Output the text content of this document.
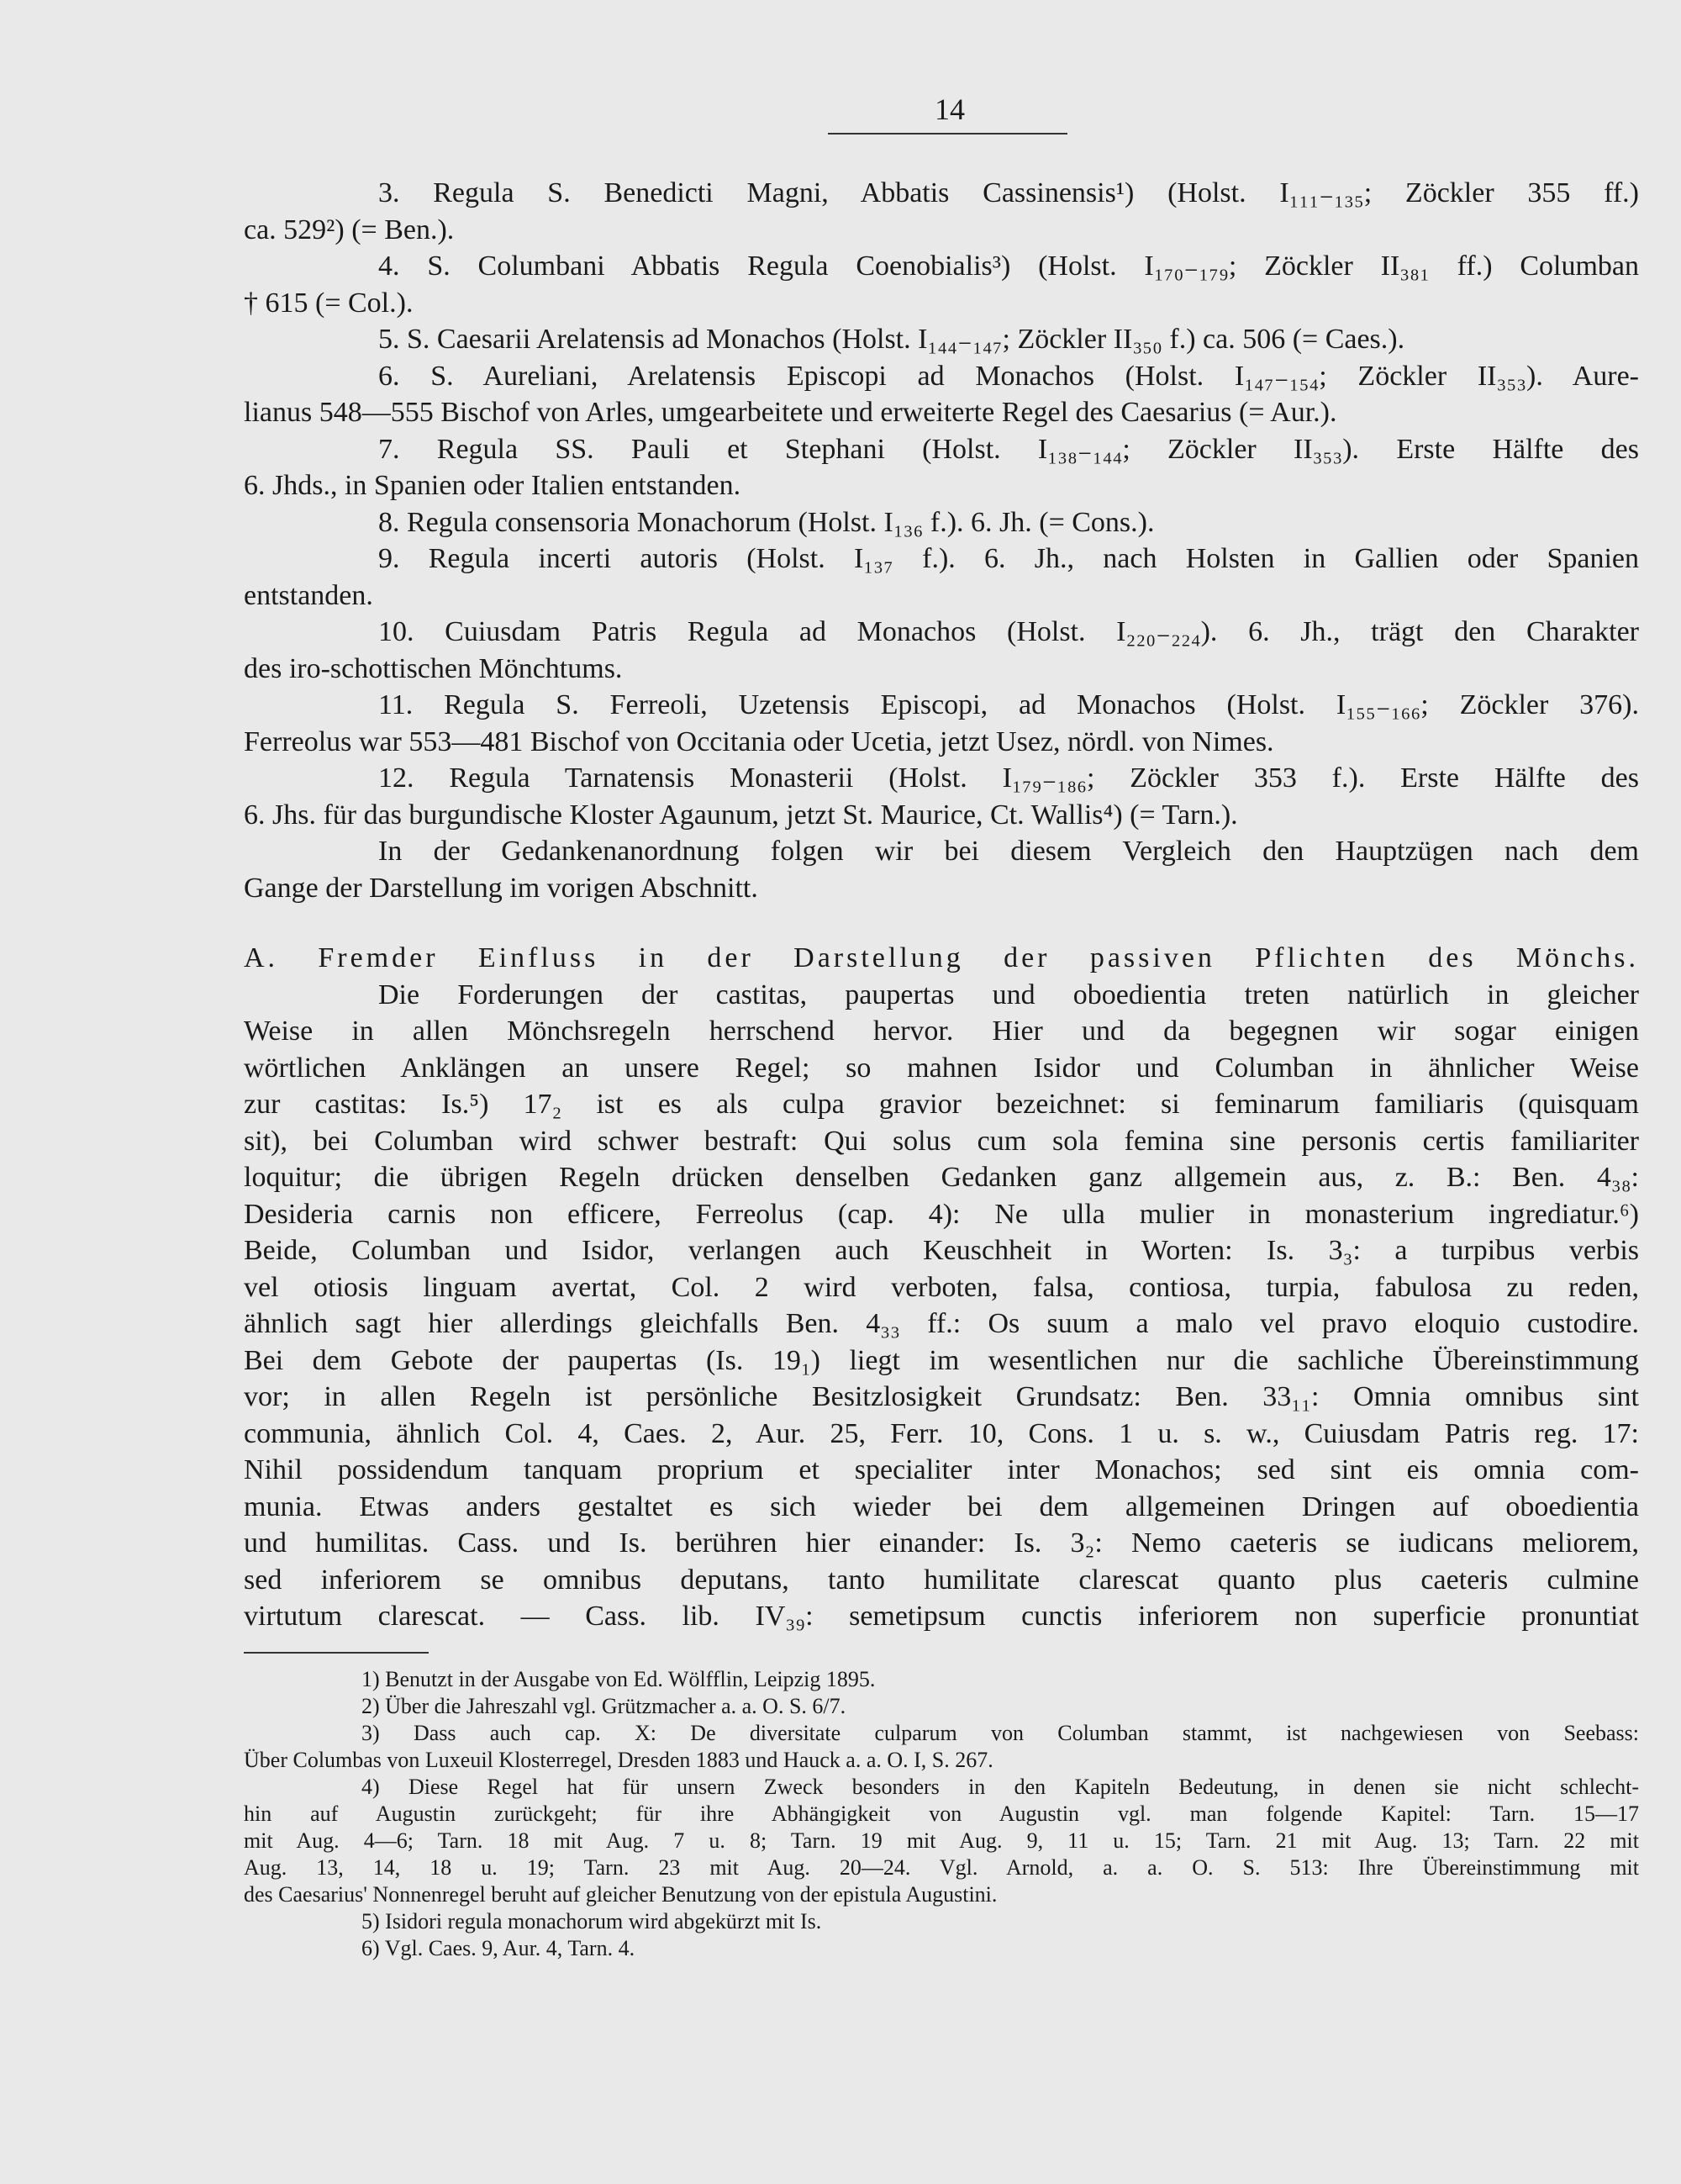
14
3. Regula S. Benedicti Magni, Abbatis Cassinensis¹) (Holst. I₁₁₁₋₁₃₅; Zöckler 355 ff.)
ca. 529²) (= Ben.).
4. S. Columbani Abbatis Regula Coenobialis³) (Holst. I₁₇₀₋₁₇₉; Zöckler II₃₈₁ ff.) Columban
† 615 (= Col.).
5. S. Caesarii Arelatensis ad Monachos (Holst. I₁₄₄₋₁₄₇; Zöckler II₃₅₀ f.) ca. 506 (= Caes.).
6. S. Aureliani, Arelatensis Episcopi ad Monachos (Holst. I₁₄₇₋₁₅₄; Zöckler II₃₅₃). Aure-
lianus 548—555 Bischof von Arles, umgearbeitete und erweiterte Regel des Caesarius (= Aur.).
7. Regula SS. Pauli et Stephani (Holst. I₁₃₈₋₁₄₄; Zöckler II₃₅₃). Erste Hälfte des
6. Jhds., in Spanien oder Italien entstanden.
8. Regula consensoria Monachorum (Holst. I₁₃₆ f.). 6. Jh. (= Cons.).
9. Regula incerti autoris (Holst. I₁₃₇ f.). 6. Jh., nach Holsten in Gallien oder Spanien
entstanden.
10. Cuiusdam Patris Regula ad Monachos (Holst. I₂₂₀₋₂₂₄). 6. Jh., trägt den Charakter
des iro-schottischen Mönchtums.
11. Regula S. Ferreoli, Uzetensis Episcopi, ad Monachos (Holst. I₁₅₅₋₁₆₆; Zöckler 376).
Ferreolus war 553—481 Bischof von Occitania oder Ucetia, jetzt Usez, nördl. von Nimes.
12. Regula Tarnatensis Monasterii (Holst. I₁₇₉₋₁₈₆; Zöckler 353 f.). Erste Hälfte des
6. Jhs. für das burgundische Kloster Agaunum, jetzt St. Maurice, Ct. Wallis⁴) (= Tarn.).
In der Gedankenanordnung folgen wir bei diesem Vergleich den Hauptzügen nach dem
Gange der Darstellung im vorigen Abschnitt.
A. Fremder Einfluss in der Darstellung der passiven Pflichten des Mönchs.
Die Forderungen der castitas, paupertas und oboedientia treten natürlich in gleicher
Weise in allen Mönchsregeln herrschend hervor. Hier und da begegnen wir sogar einigen
wörtlichen Anklängen an unsere Regel; so mahnen Isidor und Columban in ähnlicher Weise
zur castitas: Is.⁵) 17₂ ist es als culpa gravior bezeichnet: si feminarum familiaris (quisquam
sit), bei Columban wird schwer bestraft: Qui solus cum sola femina sine personis certis familiariter
loquitur; die übrigen Regeln drücken denselben Gedanken ganz allgemein aus, z. B.: Ben. 4₃₈:
Desideria carnis non efficere, Ferreolus (cap. 4): Ne ulla mulier in monasterium ingrediatur.⁶)
Beide, Columban und Isidor, verlangen auch Keuschheit in Worten: Is. 3₃: a turpibus verbis
vel otiosis linguam avertat, Col. 2 wird verboten, falsa, contiosa, turpia, fabulosa zu reden,
ähnlich sagt hier allerdings gleichfalls Ben. 4₃₃ ff.: Os suum a malo vel pravo eloquio custodire.
Bei dem Gebote der paupertas (Is. 19₁) liegt im wesentlichen nur die sachliche Übereinstimmung
vor; in allen Regeln ist persönliche Besitzlosigkeit Grundsatz: Ben. 33₁₁: Omnia omnibus sint
communia, ähnlich Col. 4, Caes. 2, Aur. 25, Ferr. 10, Cons. 1 u. s. w., Cuiusdam Patris reg. 17:
Nihil possidendum tanquam proprium et specialiter inter Monachos; sed sint eis omnia com-
munia. Etwas anders gestaltet es sich wieder bei dem allgemeinen Dringen auf oboedientia
und humilitas. Cass. und Is. berühren hier einander: Is. 3₂: Nemo caeteris se iudicans meliorem,
sed inferiorem se omnibus deputans, tanto humilitate clarescat quanto plus caeteris culmine
virtutum clarescat. — Cass. lib. IV₃₉: semetipsum cunctis inferiorem non superficie pronuntiat
1) Benutzt in der Ausgabe von Ed. Wölfflin, Leipzig 1895.
2) Über die Jahreszahl vgl. Grützmacher a. a. O. S. 6/7.
3) Dass auch cap. X: De diversitate culparum von Columban stammt, ist nachgewiesen von Seebass:
Über Columbas von Luxeuil Klosterregel, Dresden 1883 und Hauck a. a. O. I, S. 267.
4) Diese Regel hat für unsern Zweck besonders in den Kapiteln Bedeutung, in denen sie nicht schlecht-
hin auf Augustin zurückgeht; für ihre Abhängigkeit von Augustin vgl. man folgende Kapitel: Tarn. 15—17
mit Aug. 4—6; Tarn. 18 mit Aug. 7 u. 8; Tarn. 19 mit Aug. 9, 11 u. 15; Tarn. 21 mit Aug. 13; Tarn. 22 mit
Aug. 13, 14, 18 u. 19; Tarn. 23 mit Aug. 20—24. Vgl. Arnold, a. a. O. S. 513: Ihre Übereinstimmung mit
des Caesarius' Nonnenregel beruht auf gleicher Benutzung von der epistula Augustini.
5) Isidori regula monachorum wird abgekürzt mit Is.
6) Vgl. Caes. 9, Aur. 4, Tarn. 4.
